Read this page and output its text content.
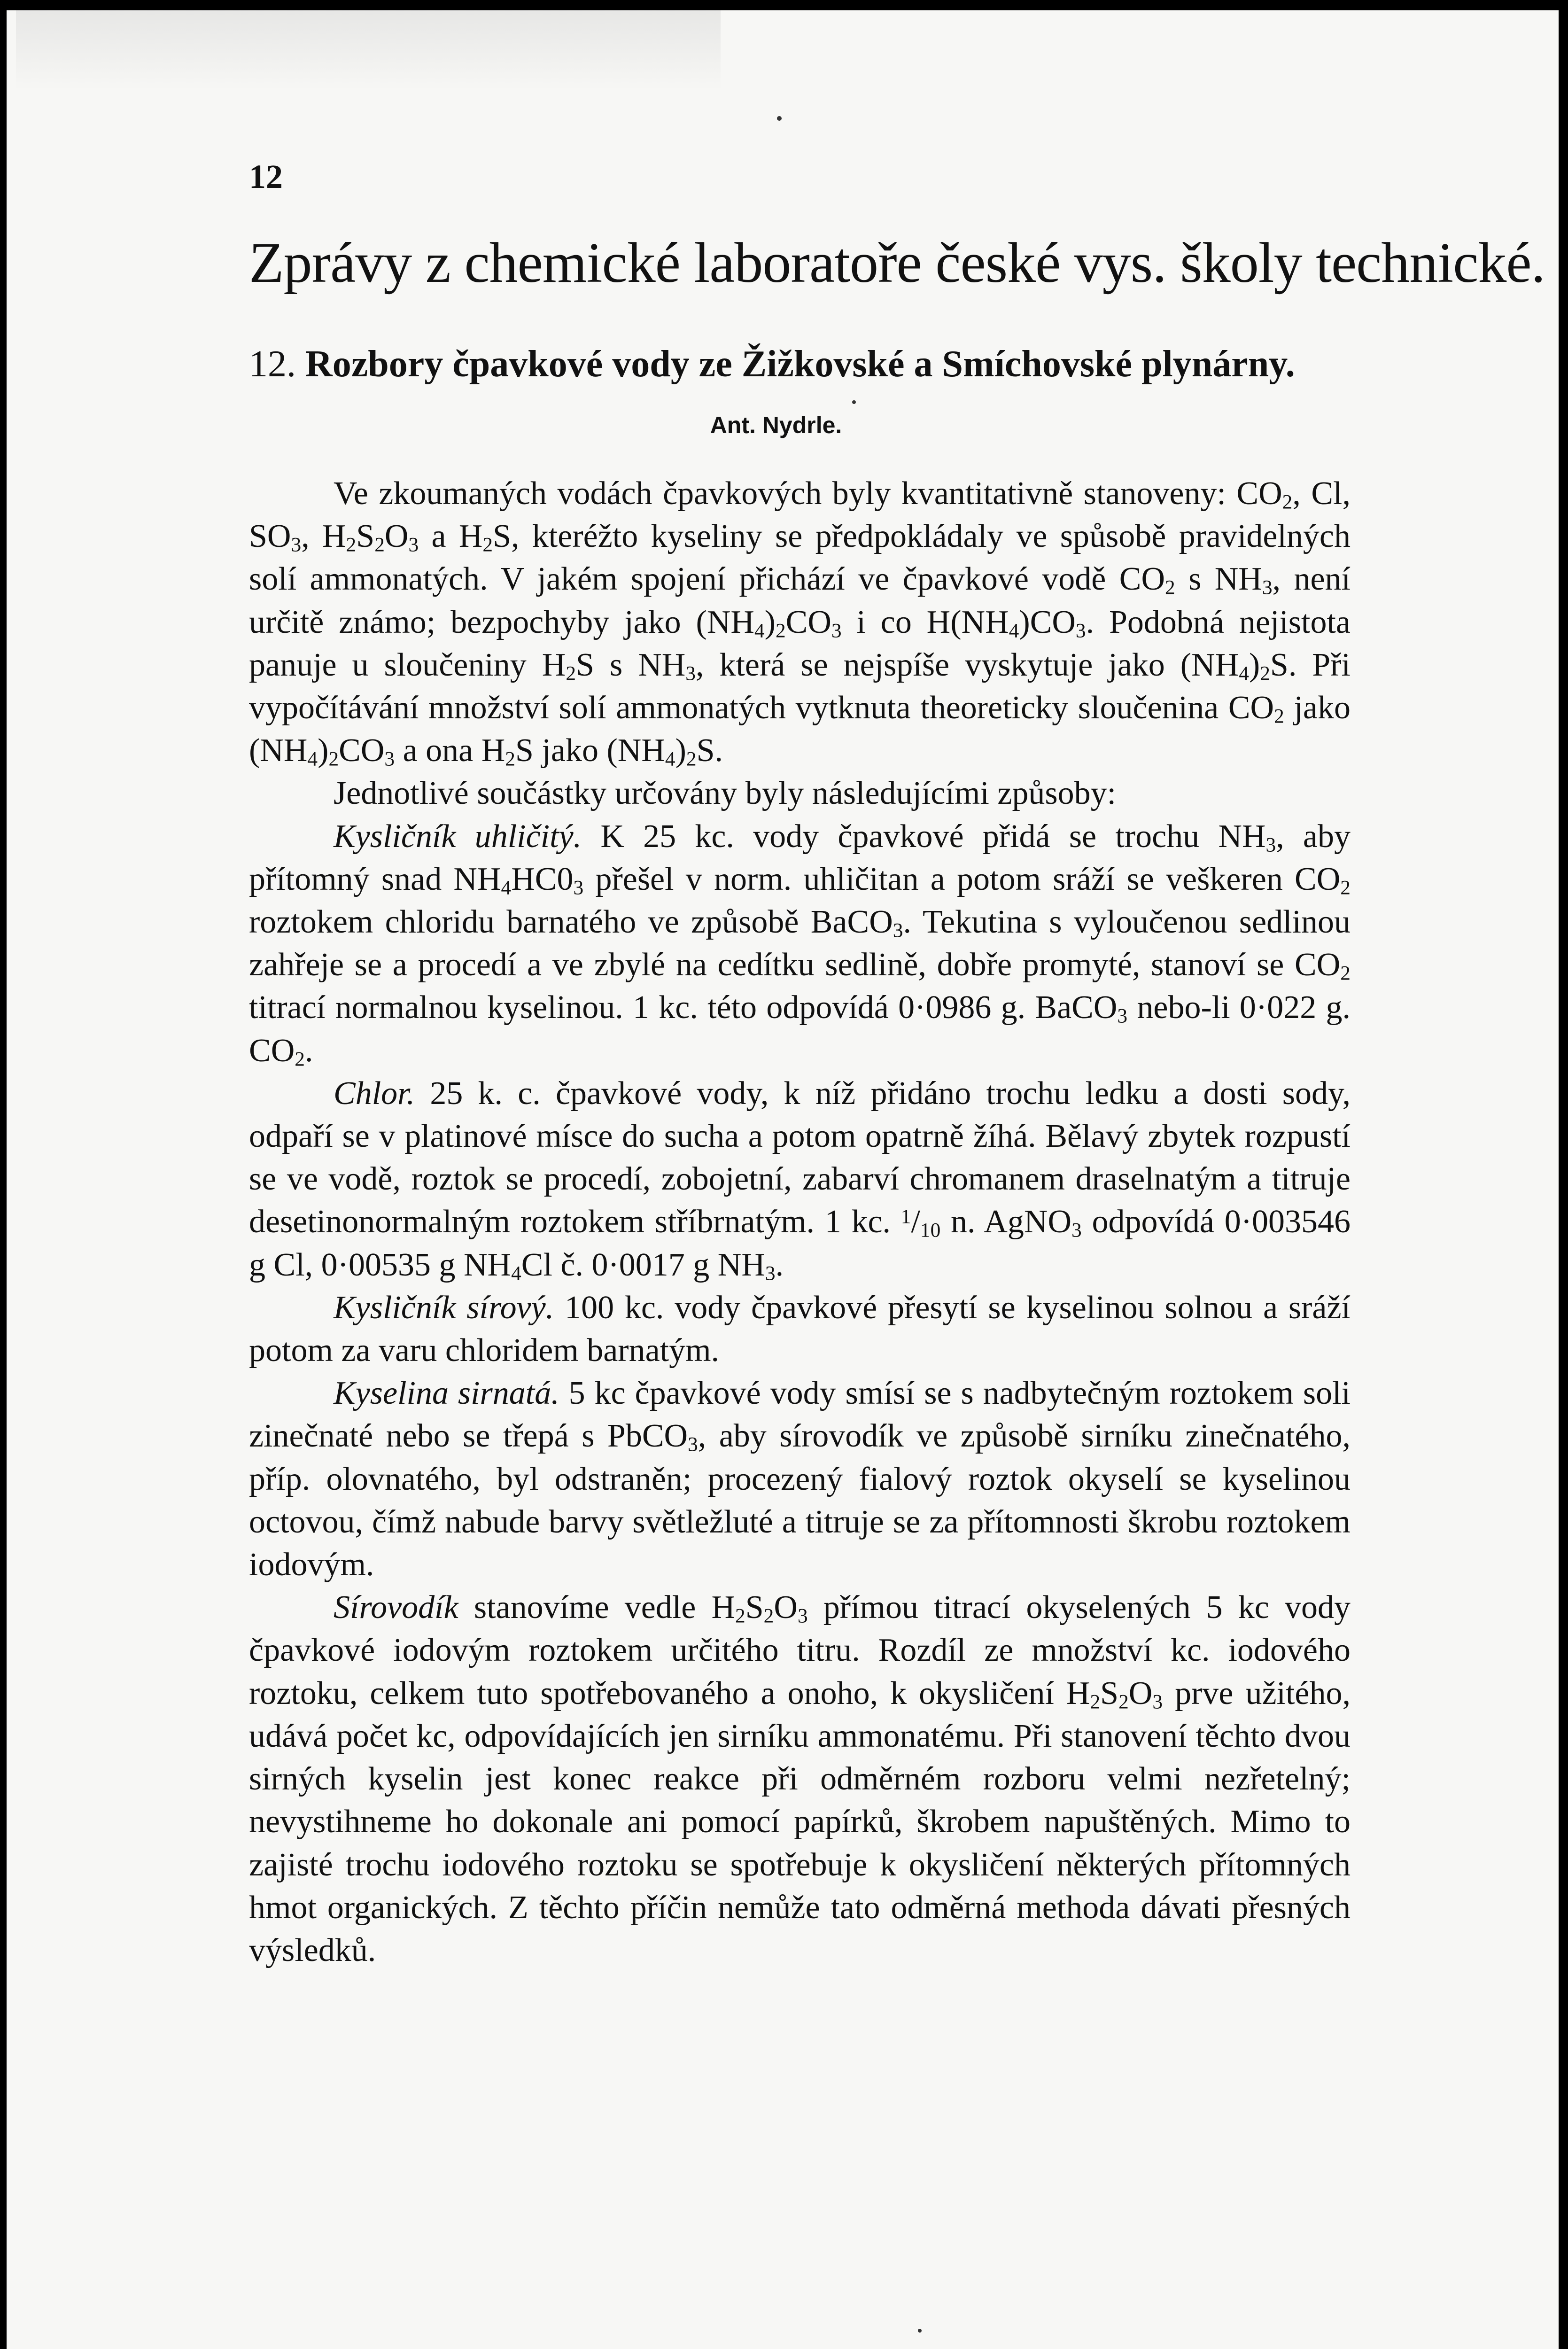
12
Zprávy z chemické laboratoře české vys. školy technické.
12. Rozbory čpavkové vody ze Žižkovské a Smíchovské plynárny.
Ant. Nydrle.

Ve zkoumaných vodách čpavkových byly kvantitativně stanoveny: $CO_2$, Cl, $SO_3$, $H_2S_2O_3$ a $H_2S$, kteréžto kyseliny se předpokládaly ve spůsobě pravidelných solí ammonatých. V jakém spojení přichází ve čpavkové vodě $CO_2$ s $NH_3$, není určitě známo; bezpochyby jako $(NH_4)_2CO_3$ i co $H(NH_4)CO_3$. Podobná nejistota panuje u sloučeniny $H_2S$ s $NH_3$, která se nejspíše vyskytuje jako $(NH_4)_2S$. Při vypočítávání množství solí ammonatých vytknuta theoreticky sloučenina $CO_2$ jako $(NH_4)_2CO_3$ a ona $H_2S$ jako $(NH_4)_2S$.

Jednotlivé součástky určovány byly následujícími způsoby:

Kysličník uhličitý. K 25 kc. vody čpavkové přidá se trochu $NH_3$, aby přítomný snad $NH_4HC0_3$ přešel v norm. uhličitan a potom sráží se veškeren $CO_2$ roztokem chloridu barnatého ve způsobě BaCO$_3$. Tekutina s vyloučenou sedlinou zahřeje se a procedí a ve zbylé na cedítku sedlině, dobře promyté, stanoví se $CO_2$ titrací normalnou kyselinou. 1 kc. této odpovídá 0·0986 g. BaCO$_3$ nebo-li 0·022 g. $CO_2$.

Chlor. 25 k. c. čpavkové vody, k níž přidáno trochu ledku a dosti sody, odpaří se v platinové mísce do sucha a potom opatrně žíhá. Bělavý zbytek rozpustí se ve vodě, roztok se procedí, zobojetní, zabarví chromanem draselnatým a titruje desetinonormalným roztokem stříbrnatým. 1 kc. $^1/_{10}$ n. AgNO$_3$ odpovídá 0·003546 g Cl, 0·00535 g $NH_4Cl$ č. 0·0017 g $NH_3$.

Kysličník sírový. 100 kc. vody čpavkové přesytí se kyselinou solnou a sráží potom za varu chloridem barnatým.

Kyselina sirnatá. 5 kc čpavkové vody smísí se s nadbytečným roztokem soli zinečnaté nebo se třepá s PbCO$_3$, aby sírovodík ve způsobě sirníku zinečnatého, příp. olovnatého, byl odstraněn; procezený fialový roztok okyselí se kyselinou octovou, čímž nabude barvy světležluté a titruje se za přítomnosti škrobu roztokem iodovým.

Sírovodík stanovíme vedle $H_2S_2O_3$ přímou titrací okyselených 5 kc vody čpavkové iodovým roztokem určitého titru. Rozdíl ze množství kc. iodového roztoku, celkem tuto spotřebovaného a onoho, k okysličení $H_2S_2O_3$ prve užitého, udává počet kc, odpovídajících jen sirníku ammonatému. Při stanovení těchto dvou sirných kyselin jest konec reakce při odměrném rozboru velmi nezřetelný; nevystihneme ho dokonale ani pomocí papírků, škrobem napuštěných. Mimo to zajisté trochu iodového roztoku se spotřebuje k okysličení některých přítomných hmot organických. Z těchto příčin nemůže tato odměrná methoda dávati přesných výsledků.
